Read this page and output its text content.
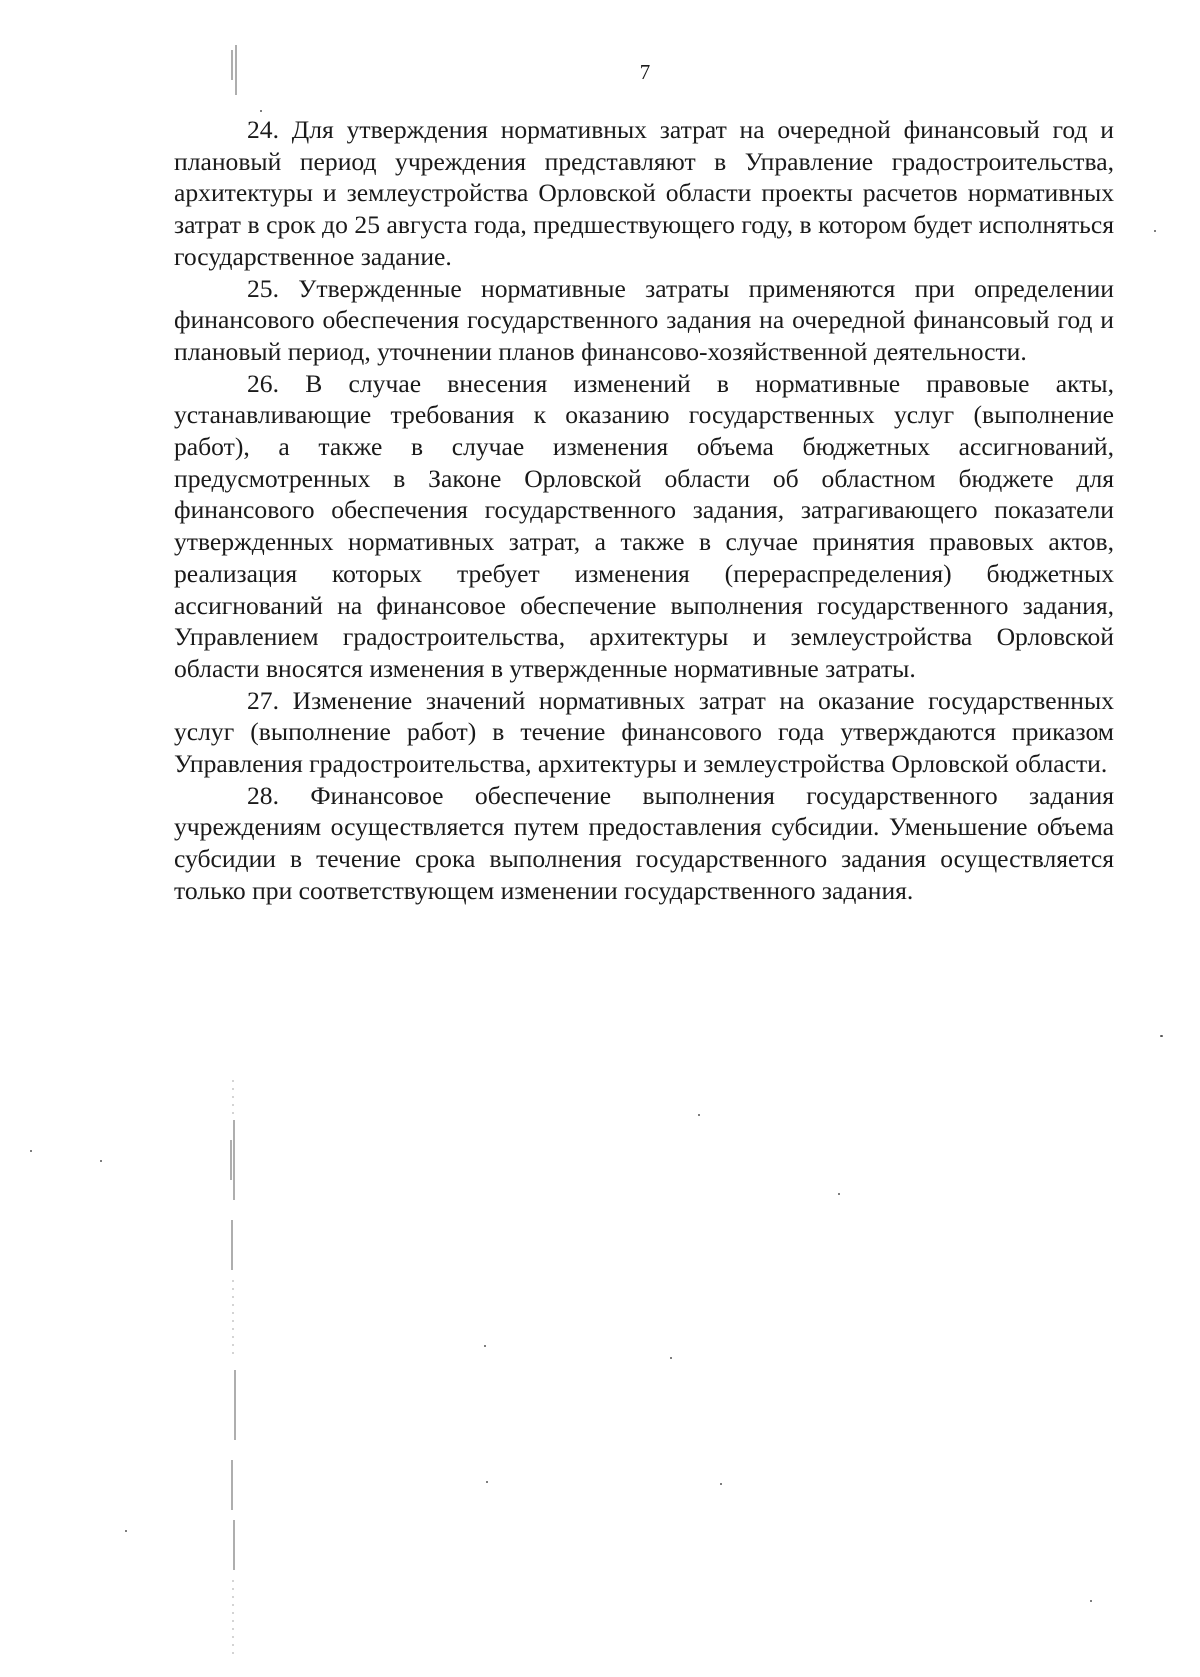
7

24. Для утверждения нормативных затрат на очередной финансовый год и плановый период учреждения представляют в Управление градостроительства, архитектуры и землеустройства Орловской области проекты расчетов нормативных затрат в срок до 25 августа года, предшествующего году, в котором будет исполняться государственное задание.

25. Утвержденные нормативные затраты применяются при определении финансового обеспечения государственного задания на очередной финансовый год и плановый период, уточнении планов финансово-хозяйственной деятельности.

26. В случае внесения изменений в нормативные правовые акты, устанавливающие требования к оказанию государственных услуг (выполнение работ), а также в случае изменения объема бюджетных ассигнований, предусмотренных в Законе Орловской области об областном бюджете для финансового обеспечения государственного задания, затрагивающего показатели утвержденных нормативных затрат, а также в случае принятия правовых актов, реализация которых требует изменения (перераспределения) бюджетных ассигнований на финансовое обеспечение выполнения государственного задания, Управлением градостроительства, архитектуры и землеустройства Орловской области вносятся изменения в утвержденные нормативные затраты.

27. Изменение значений нормативных затрат на оказание государственных услуг (выполнение работ) в течение финансового года утверждаются приказом Управления градостроительства, архитектуры и землеустройства Орловской области.

28. Финансовое обеспечение выполнения государственного задания учреждениям осуществляется путем предоставления субсидии. Уменьшение объема субсидии в течение срока выполнения государственного задания осуществляется только при соответствующем изменении государственного задания.
